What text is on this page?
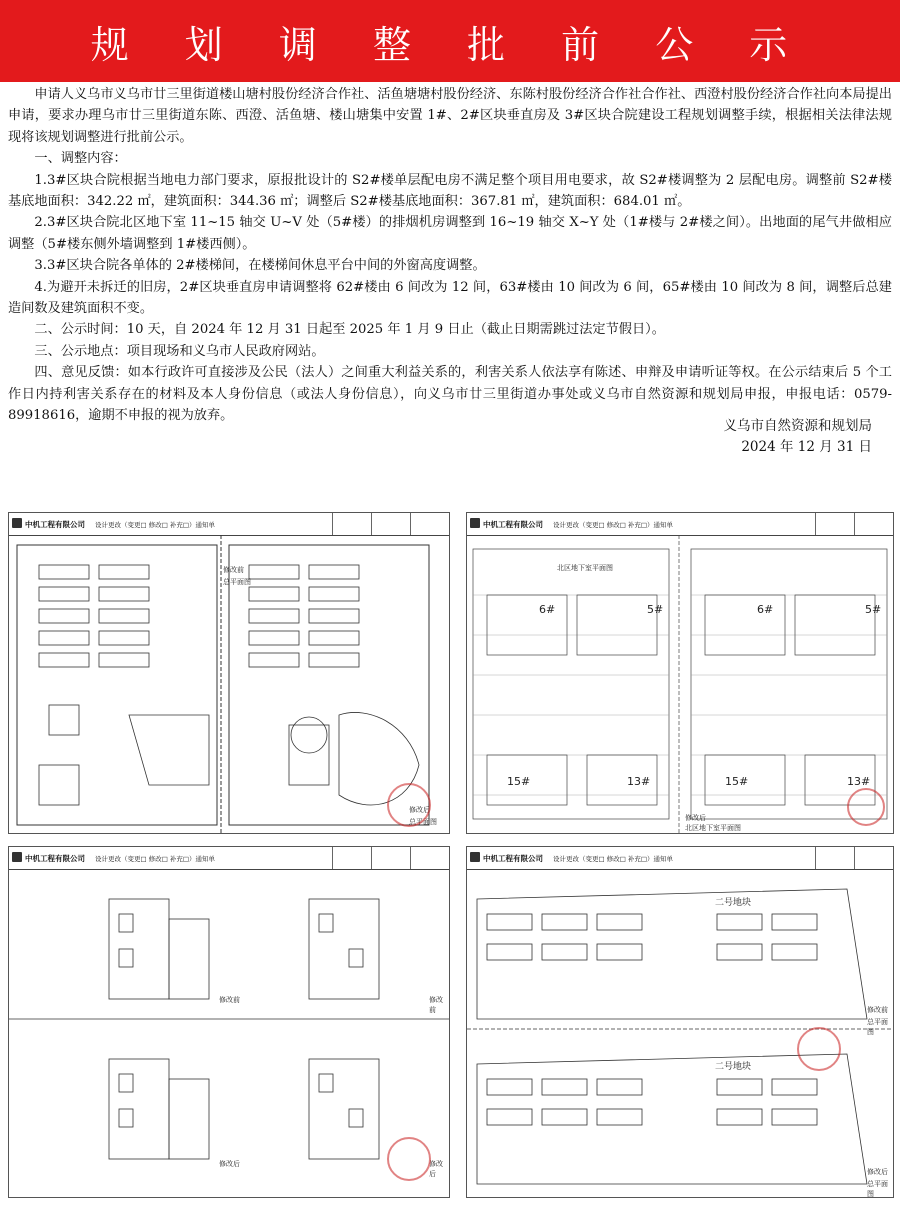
规 划 调 整 批 前 公 示

申请人义乌市义乌市廿三里街道楼山塘村股份经济合作社、活鱼塘塘村股份经济、东陈村股份经济合作社合作社、西澄村股份经济合作社向本局提出申请，要求办理乌市廿三里街道东陈、西澄、活鱼塘、楼山塘集中安置 1#、2#区块垂直房及 3#区块合院建设工程规划调整手续，根据相关法律法规现将该规划调整进行批前公示。

一、调整内容：

1.3#区块合院根据当地电力部门要求，原报批设计的 S2#楼单层配电房不满足整个项目用电要求，故 S2#楼调整为 2 层配电房。调整前 S2#楼基底地面积：342.22 ㎡，建筑面积：344.36 ㎡；调整后 S2#楼基底地面积：367.81 ㎡，建筑面积：684.01 ㎡。

2.3#区块合院北区地下室 11~15 轴交 U~V 处（5#楼）的排烟机房调整到 16~19 轴交 X~Y 处（1#楼与 2#楼之间）。出地面的尾气井做相应调整（5#楼东侧外墙调整到 1#楼西侧）。

3.3#区块合院各单体的 2#楼梯间，在楼梯间休息平台中间的外窗高度调整。

4.为避开未拆迁的旧房，2#区块垂直房申请调整将 62#楼由 6 间改为 12 间，63#楼由 10 间改为 6 间，65#楼由 10 间改为 8 间，调整后总建造间数及建筑面积不变。

二、公示时间：10 天，自 2024 年 12 月 31 日起至 2025 年 1 月 9 日止（截止日期需跳过法定节假日）。

三、公示地点：项目现场和义乌市人民政府网站。

四、意见反馈：如本行政许可直接涉及公民（法人）之间重大利益关系的，利害关系人依法享有陈述、申辩及申请听证等权。在公示结束后 5 个工作日内持利害关系存在的材料及本人身份信息（或法人身份信息），向义乌市廿三里街道办事处或义乌市自然资源和规划局申报，申报电话：0579-89918616，逾期不申报的视为放弃。

义乌市自然资源和规划局
2024 年 12 月 31 日
中机工程有限公司 设计更改（变更□ 修改□ 补充□）通知单
修改前
总平面图
修改后
总平面图
中机工程有限公司 设计更改（变更□ 修改□ 补充□）通知单
北区地下室平面图
修改后
北区地下室平面图
6#	5#
15#	13#
6#	5#
15#	13#
中机工程有限公司 设计更改（变更□ 修改□ 补充□）通知单
修改前	修改前
修改后	修改后
中机工程有限公司 设计更改（变更□ 修改□ 补充□）通知单
二号地块
二号地块
修改前
总平面图
修改后
总平面图
